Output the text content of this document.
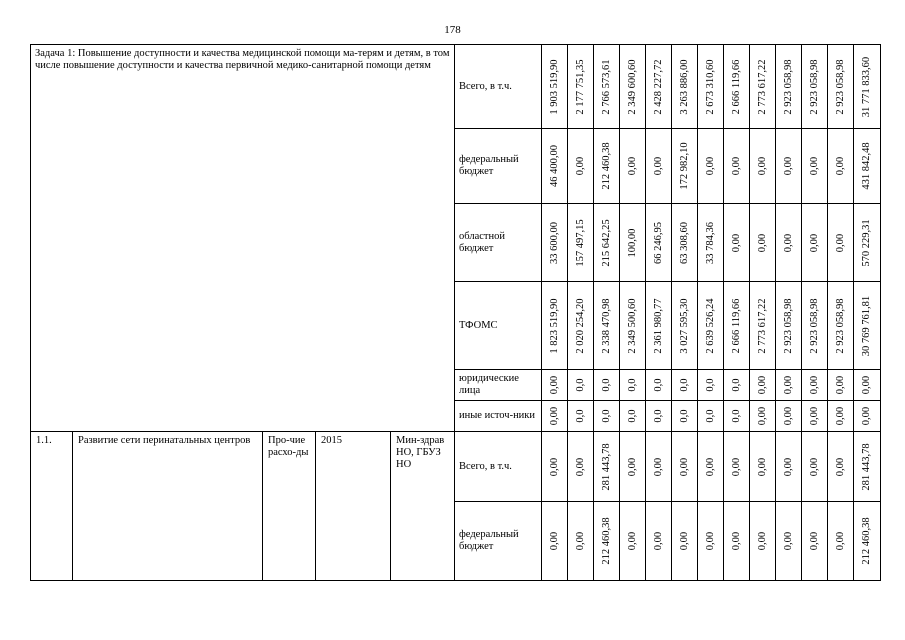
178
Задача 1: Повышение доступности и качества медицинской помощи ма-терям и детям, в том числе повышение доступности и качества первичной медико-санитарной помощи детям					Всего, в т.ч.	1 903 519,90	2 177 751,35	2 766 573,61	2 349 600,60	2 428 227,72	3 263 886,00	2 673 310,60	2 666 119,66	2 773 617,22	2 923 058,98	2 923 058,98	2 923 058,98	31 771 833,60

					федеральный бюджет	46 400,00	0,00	212 460,38	0,00	0,00	172 982,10	0,00	0,00	0,00	0,00	0,00	0,00	431 842,48

					областной бюджет	33 600,00	157 497,15	215 642,25	100,00	66 246,95	63 308,60	33 784,36	0,00	0,00	0,00	0,00	0,00	570 229,31

					ТФОМС	1 823 519,90	2 020 254,20	2 338 470,98	2 349 500,60	2 361 980,77	3 027 595,30	2 639 526,24	2 666 119,66	2 773 617,22	2 923 058,98	2 923 058,98	2 923 058,98	30 769 761,81

					юридические лица	0,00	0,0	0,0	0,0	0,0	0,0	0,0	0,0	0,00	0,00	0,00	0,00	0,00

					иные источ-ники	0,00	0,0	0,0	0,0	0,0	0,0	0,0	0,0	0,00	0,00	0,00	0,00	0,00

1.1.	Развитие сети перинатальных центров	Про-чие расхо-ды	2015	Мин-здрав НО, ГБУЗ НО	Всего, в т.ч.	0,00	0,00	281 443,78	0,00	0,00	0,00	0,00	0,00	0,00	0,00	0,00	0,00	281 443,78

					федеральный бюджет	0,00	0,00	212 460,38	0,00	0,00	0,00	0,00	0,00	0,00	0,00	0,00	0,00	212 460,38
